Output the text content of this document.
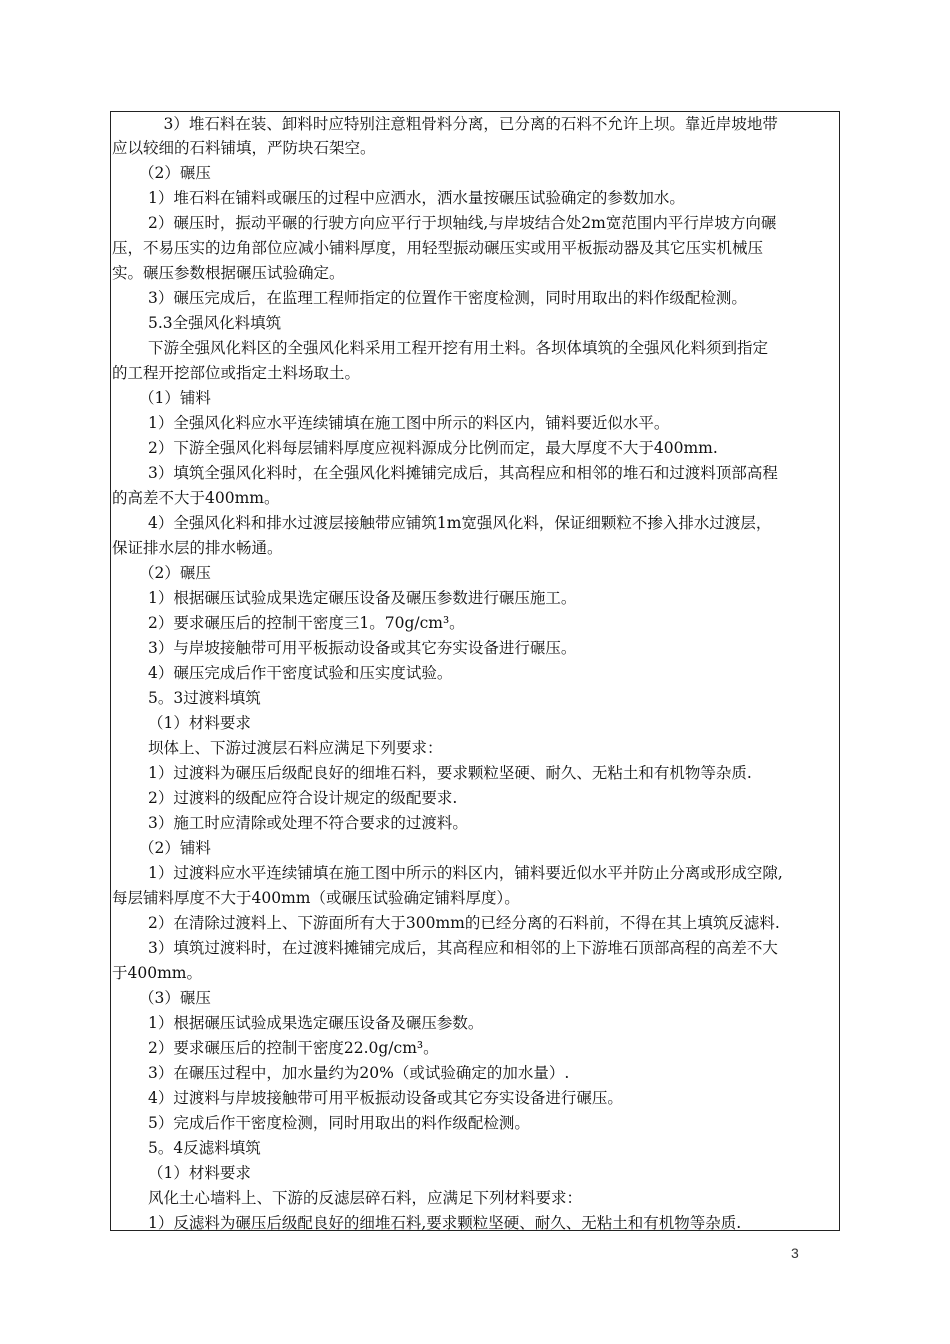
　3）堆石料在装、卸料时应特别注意粗骨料分离，已分离的石料不允许上坝。靠近岸坡地带
应以较细的石料铺填，严防块石架空。
（2）碾压
1）堆石料在铺料或碾压的过程中应洒水，洒水量按碾压试验确定的参数加水。
2）碾压时，振动平碾的行驶方向应平行于坝轴线,与岸坡结合处2m宽范围内平行岸坡方向碾
压，不易压实的边角部位应减小铺料厚度，用轻型振动碾压实或用平板振动器及其它压实机械压
实。碾压参数根据碾压试验确定。
3）碾压完成后，在监理工程师指定的位置作干密度检测，同时用取出的料作级配检测。
5.3全强风化料填筑
下游全强风化料区的全强风化料采用工程开挖有用土料。各坝体填筑的全强风化料须到指定
的工程开挖部位或指定土料场取土。
（1）铺料
1）全强风化料应水平连续铺填在施工图中所示的料区内，铺料要近似水平。
2）下游全强风化料每层铺料厚度应视料源成分比例而定，最大厚度不大于400mm.
3）填筑全强风化料时，在全强风化料摊铺完成后，其高程应和相邻的堆石和过渡料顶部高程
的高差不大于400mm。
4）全强风化料和排水过渡层接触带应铺筑1m宽强风化料，保证细颗粒不掺入排水过渡层，
保证排水层的排水畅通。
（2）碾压
1）根据碾压试验成果选定碾压设备及碾压参数进行碾压施工。
2）要求碾压后的控制干密度三1。70g/cm³。
3）与岸坡接触带可用平板振动设备或其它夯实设备进行碾压。
4）碾压完成后作干密度试验和压实度试验。
5。3过渡料填筑
（1）材料要求
坝体上、下游过渡层石料应满足下列要求：
1）过渡料为碾压后级配良好的细堆石料，要求颗粒坚硬、耐久、无粘土和有机物等杂质.
2）过渡料的级配应符合设计规定的级配要求.
3）施工时应清除或处理不符合要求的过渡料。
（2）铺料
1）过渡料应水平连续铺填在施工图中所示的料区内，铺料要近似水平并防止分离或形成空隙,
每层铺料厚度不大于400mm（或碾压试验确定铺料厚度）。
2）在清除过渡料上、下游面所有大于300mm的已经分离的石料前，不得在其上填筑反滤料.
3）填筑过渡料时，在过渡料摊铺完成后，其高程应和相邻的上下游堆石顶部高程的高差不大
于400mm。
（3）碾压
1）根据碾压试验成果选定碾压设备及碾压参数。
2）要求碾压后的控制干密度22.0g/cm³。
3）在碾压过程中，加水量约为20%（或试验确定的加水量）.
4）过渡料与岸坡接触带可用平板振动设备或其它夯实设备进行碾压。
5）完成后作干密度检测，同时用取出的料作级配检测。
5。4反滤料填筑
（1）材料要求
风化土心墙料上、下游的反滤层碎石料，应满足下列材料要求：
1）反滤料为碾压后级配良好的细堆石料,要求颗粒坚硬、耐久、无粘土和有机物等杂质.
3
